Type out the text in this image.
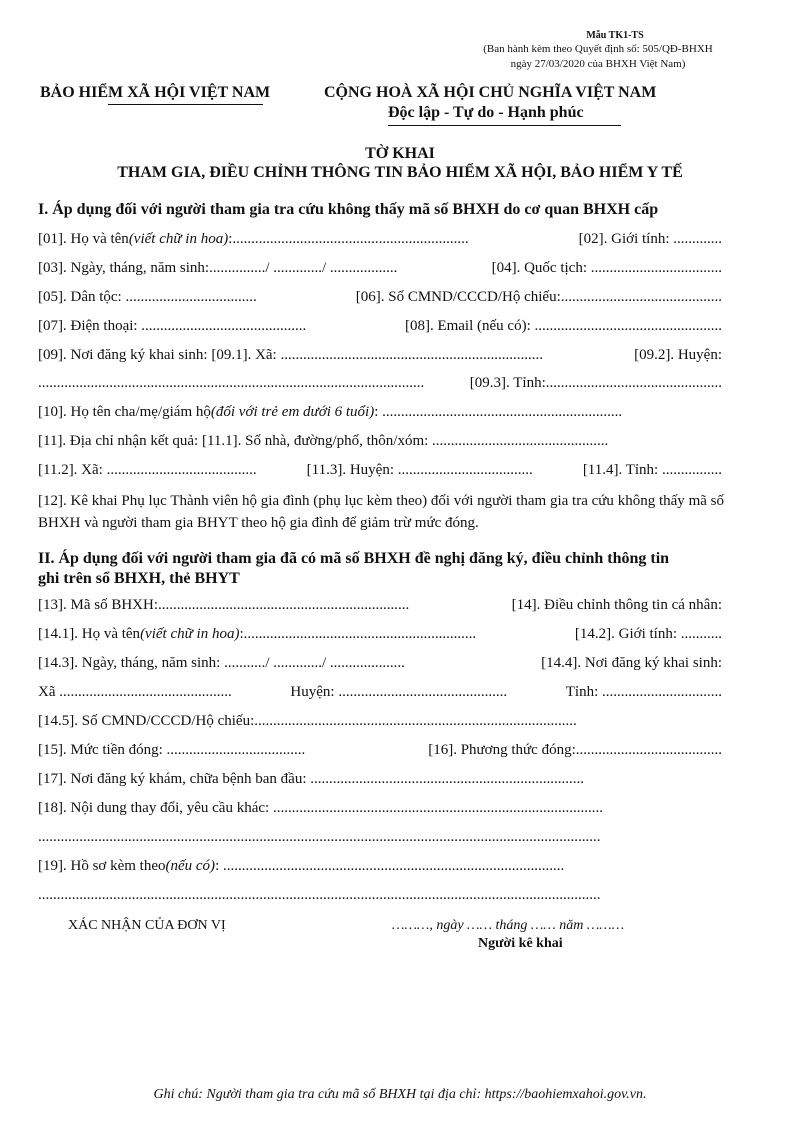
Mẫu TK1-TS
(Ban hành kèm theo Quyết định số: 505/QĐ-BHXH
ngày 27/03/2020 của BHXH Việt Nam)
BẢO HIỂM XÃ HỘI VIỆT NAM	CỘNG HOÀ XÃ HỘI CHỦ NGHĨA VIỆT NAM
Độc lập - Tự do - Hạnh phúc
TỜ KHAI
THAM GIA, ĐIỀU CHỈNH THÔNG TIN BẢO HIỂM XÃ HỘI, BẢO HIỂM Y TẾ
I. Áp dụng đối với người tham gia tra cứu không thấy mã số BHXH do cơ quan BHXH cấp
[01]. Họ và tên(viết chữ in hoa):...............................................................	[02]. Giới tính: .............
[03]. Ngày, tháng, năm sinh:.............../ ............./ ..................	[04]. Quốc tịch: ...................................
[05]. Dân tộc: ...................................	[06]. Số CMND/CCCD/Hộ chiếu:...........................................
[07]. Điện thoại: ............................................	[08]. Email (nếu có): ..................................................
[09]. Nơi đăng ký khai sinh: [09.1]. Xã: ......................................................................	[09.2]. Huyện:
.......................................................................................................	[09.3]. Tỉnh:...............................................
[10]. Họ tên cha/mẹ/giám hộ(đối với trẻ em dưới 6 tuổi): ................................................................
[11]. Địa chỉ nhận kết quả: [11.1]. Số nhà, đường/phố, thôn/xóm: ...............................................
[11.2]. Xã: ........................................	[11.3]. Huyện: ....................................	[11.4]. Tỉnh: ................
[12]. Kê khai Phụ lục Thành viên hộ gia đình (phụ lục kèm theo) đối với người tham gia tra cứu không thấy mã số BHXH và người tham gia BHYT theo hộ gia đình để giảm trừ mức đóng.
II. Áp dụng đối với người tham gia đã có mã số BHXH đề nghị đăng ký, điều chỉnh thông tin
ghi trên sổ BHXH, thẻ BHYT
[13]. Mã số BHXH:...................................................................	[14]. Điều chỉnh thông tin cá nhân:
[14.1]. Họ và tên(viết chữ in hoa):..............................................................	[14.2]. Giới tính: ...........
[14.3]. Ngày, tháng, năm sinh: .........../ ............./ ....................	[14.4]. Nơi đăng ký khai sinh:
Xã ..............................................	Huyện: .............................................	Tỉnh: ................................
[14.5]. Số CMND/CCCD/Hộ chiếu:......................................................................................
[15]. Mức tiền đóng: .....................................	[16]. Phương thức đóng:.......................................
[17]. Nơi đăng ký khám, chữa bệnh ban đầu: .........................................................................
[18]. Nội dung thay đổi, yêu cầu khác: ........................................................................................
......................................................................................................................................................
[19]. Hồ sơ kèm theo(nếu có): ...........................................................................................
......................................................................................................................................................
XÁC NHẬN CỦA ĐƠN VỊ	………, ngày …… tháng …… năm ………
Người kê khai
Ghi chú: Người tham gia tra cứu mã số BHXH tại địa chỉ: https://baohiemxahoi.gov.vn.
